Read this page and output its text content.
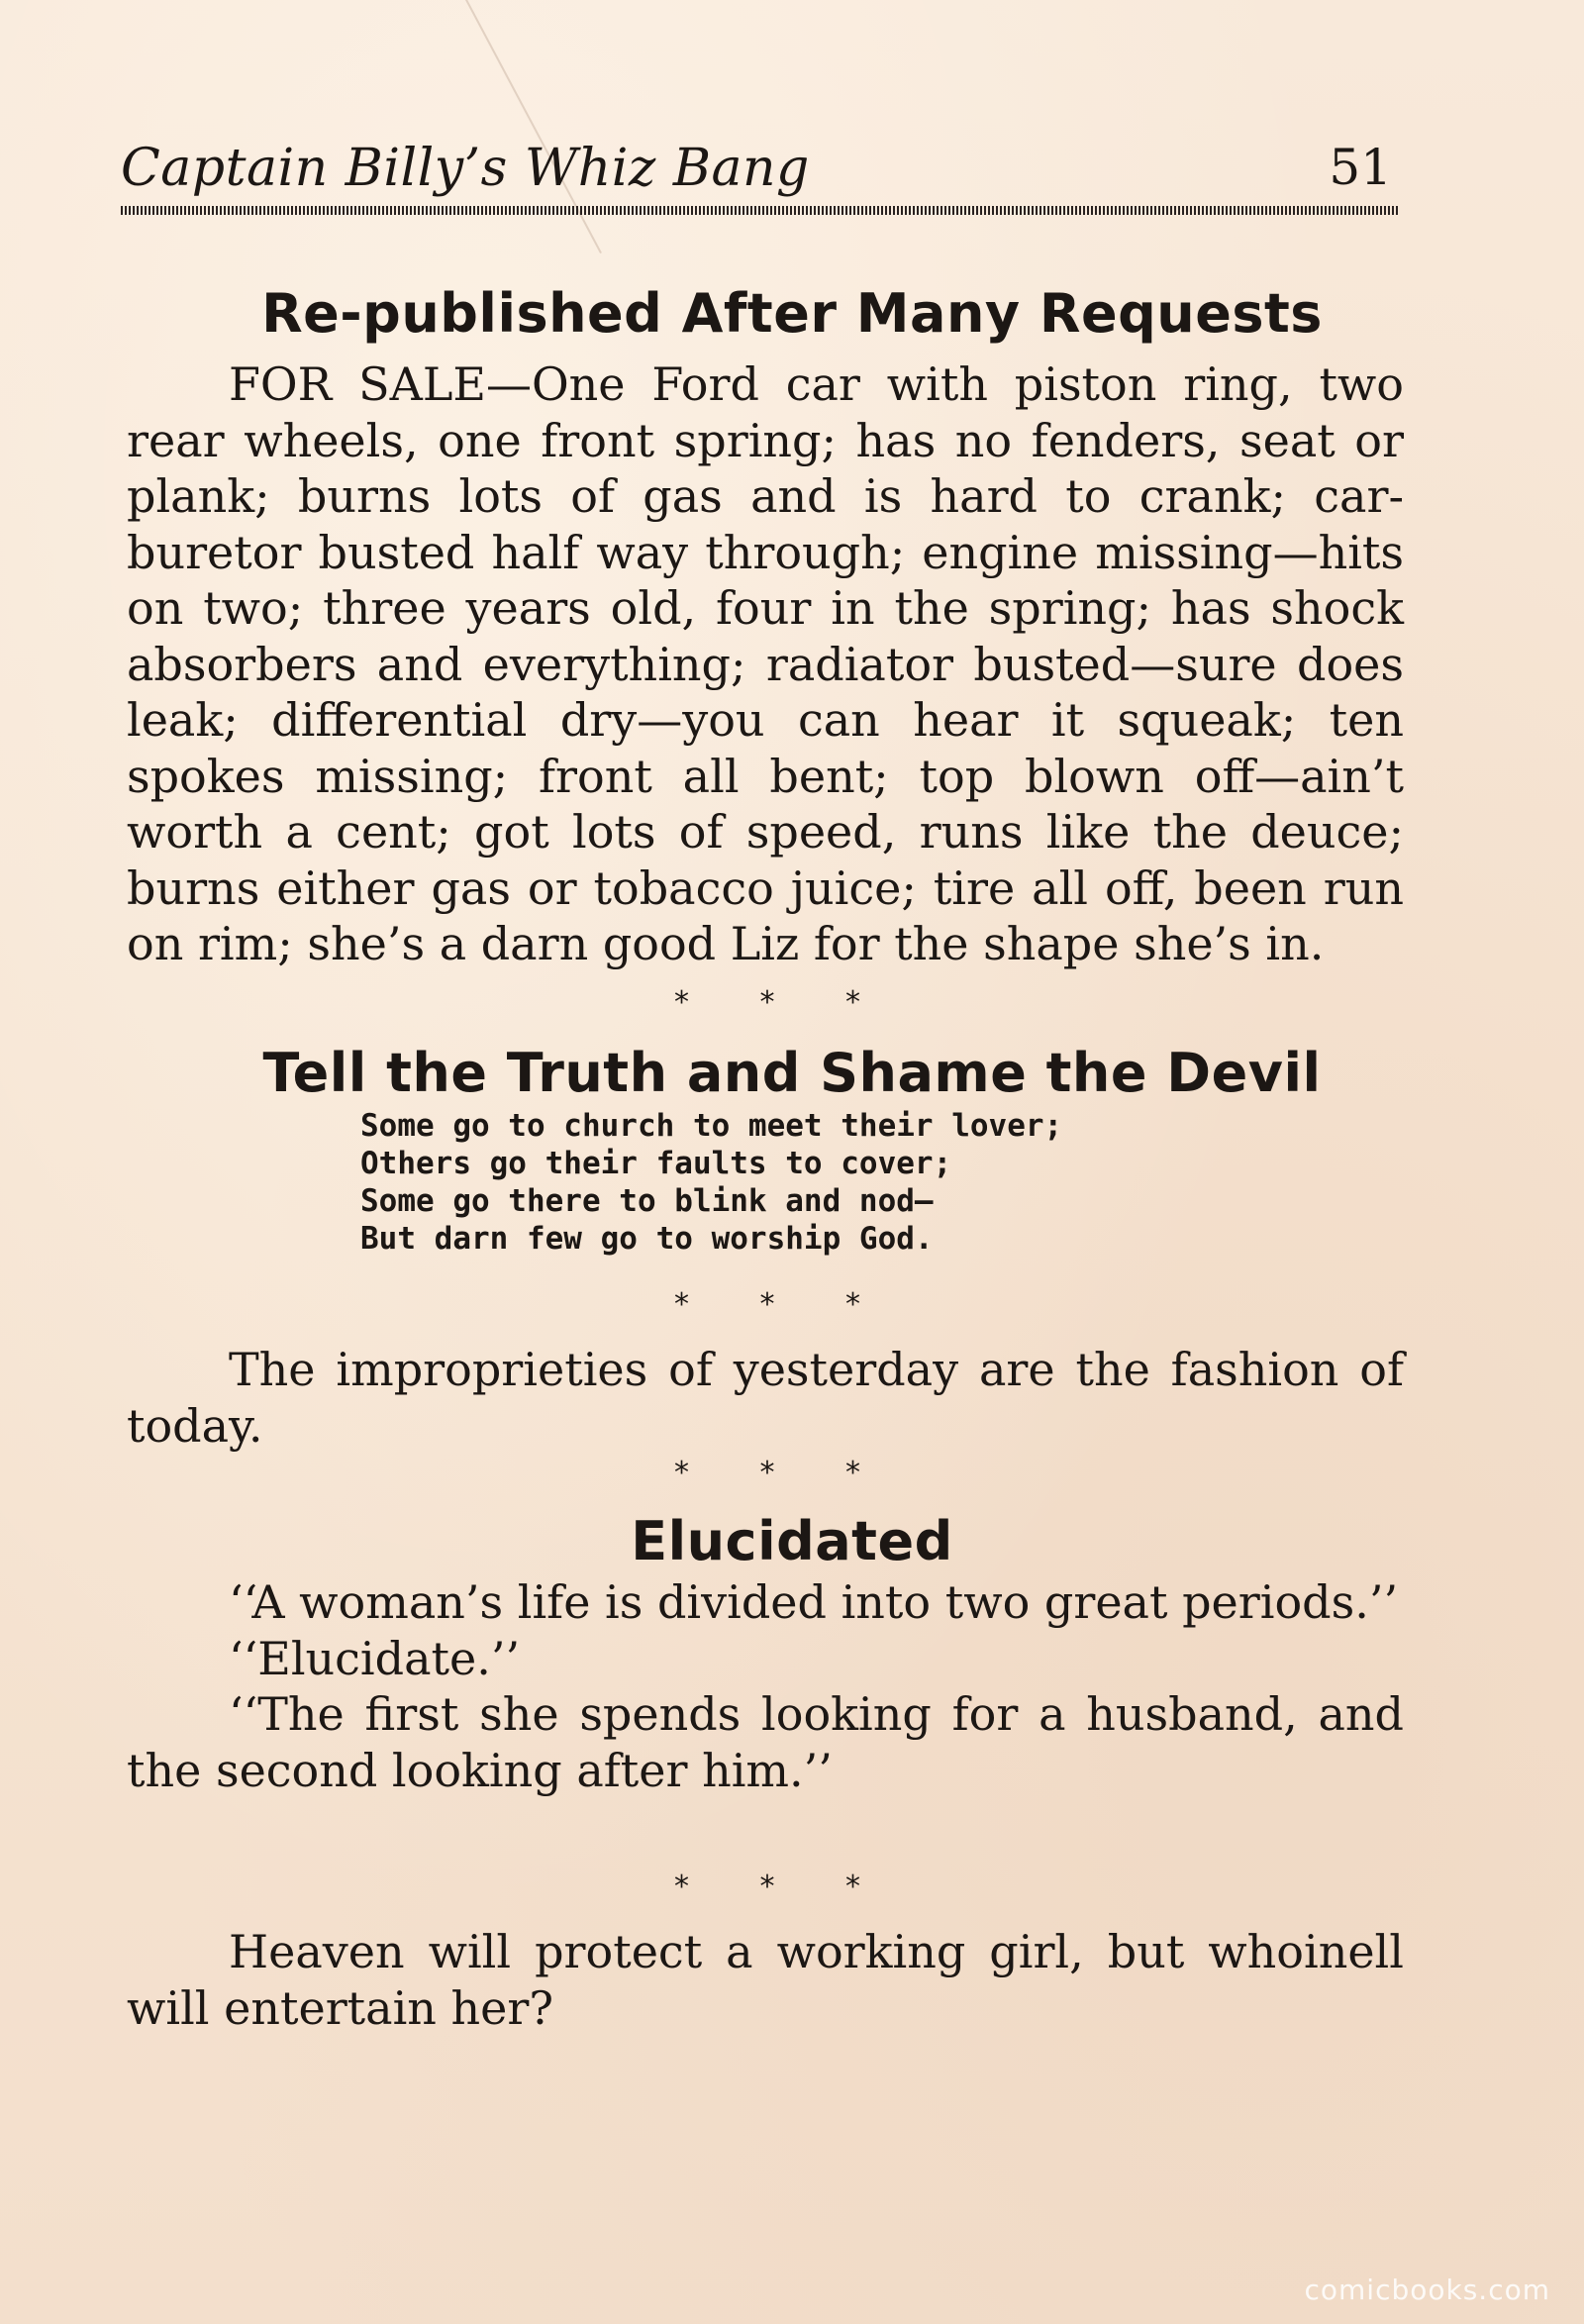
Captain Billy’s Whiz Bang	51
Re-published After Many Requests

FOR SALE—One Ford car with piston ring, two rear wheels, one front spring; has no fenders, seat or plank; burns lots of gas and is hard to crank; car-buretor busted half way through; engine missing—hits on two; three years old, four in the spring; has shock absorbers and everything; radiator busted—sure does leak; differential dry—you can hear it squeak; ten spokes missing; front all bent; top blown off—ain’t worth a cent; got lots of speed, runs like the deuce; burns either gas or tobacco juice; tire all off, been run on rim; she’s a darn good Liz for the shape she’s in.

* * *
Tell the Truth and Shame the Devil
Some go to church to meet their lover;
Others go their faults to cover;
Some go there to blink and nod—
But darn few go to worship God.
* * *

The improprieties of yesterday are the fashion of today.

* * *
Elucidated

‘‘A woman’s life is divided into two great periods.’’

‘‘Elucidate.’’

‘‘The first she spends looking for a husband, and the second looking after him.’’

* * *

Heaven will protect a working girl, but whoinell will entertain her?

comicbooks.com
